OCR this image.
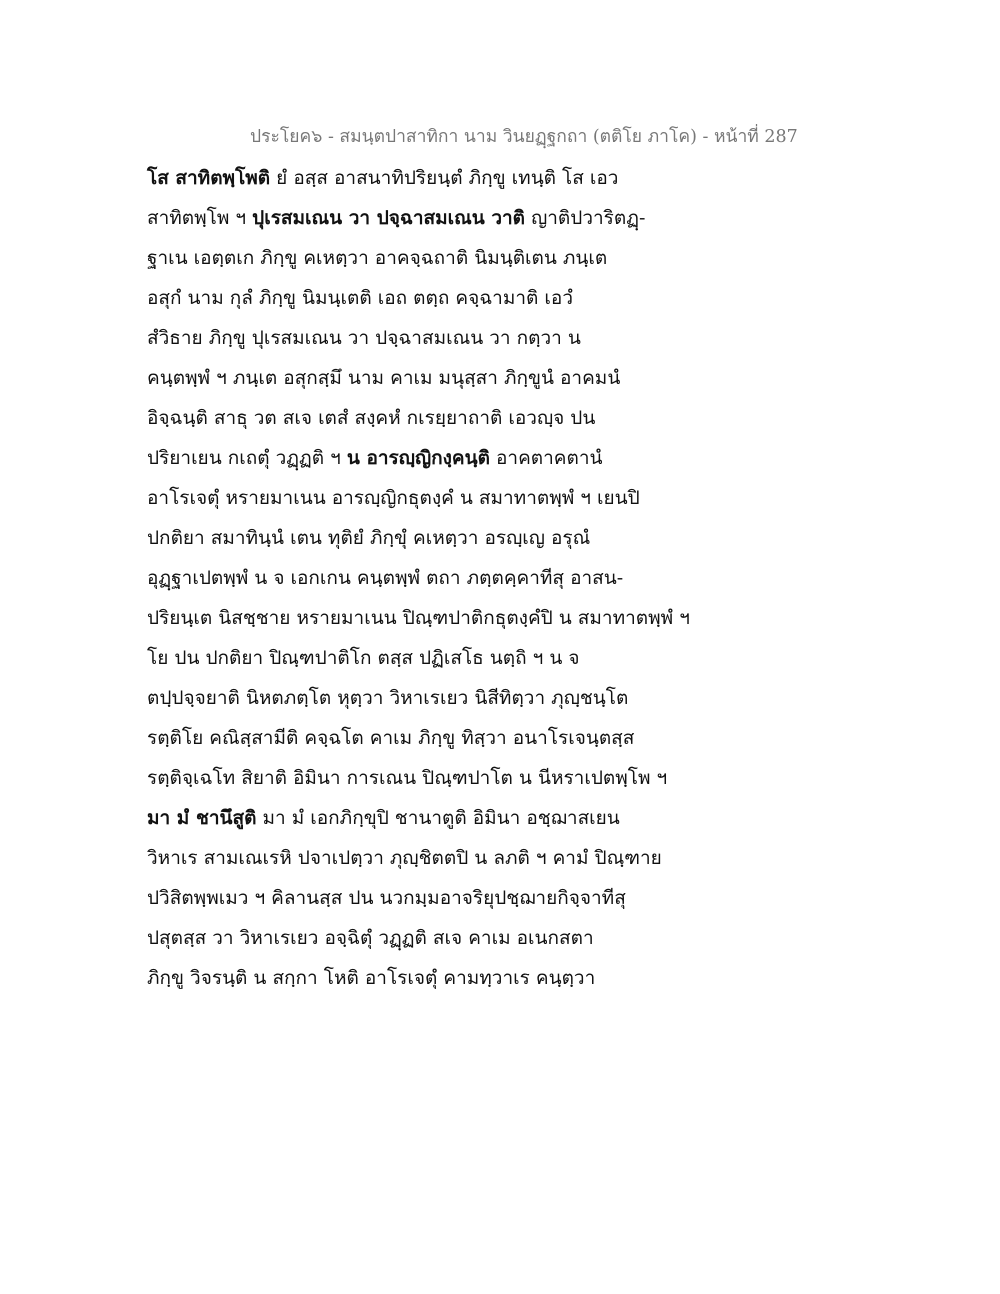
ประโยค๖ - สมนฺตปาสาทิกา นาม วินยฏฺฐกถา (ตติโย ภาโค) - หน้าที่ 287
โส สาทิตพฺโพติ ยํ อสฺส อาสนาทิปริยนฺตํ ภิกฺขู เทนฺติ โส เอว
สาทิตพฺโพ ฯ ปุเรสมเณน วา ปจฺฉาสมเณน วาติ ญาติปวาริตฏฺ-
ฐาเน เอตฺตเก ภิกฺขู คเหตฺวา อาคจฺฉถาติ นิมนฺติเตน ภนฺเต
อสุกํ นาม กุลํ ภิกฺขู นิมนฺเตติ เอถ ตตฺถ คจฺฉามาติ เอวํ
สํวิธาย ภิกฺขู ปุเรสมเณน วา ปจฺฉาสมเณน วา กตฺวา น
คนฺตพฺพํ ฯ ภนฺเต อสุกสฺมึ นาม คาเม มนุสฺสา ภิกฺขูนํ อาคมนํ
อิจฺฉนฺติ สาธุ วต สเจ เตสํ สงฺคหํ กเรยฺยาถาติ เอวญฺจ ปน
ปริยาเยน กเถตุํ วฏฺฏติ ฯ น อารญฺญิกงฺคนฺติ อาคตาคตานํ
อาโรเจตุํ หรายมาเนน อารญฺญิกธุตงฺคํ น สมาทาตพฺพํ ฯ เยนปิ
ปกติยา สมาทินฺนํ เตน ทุติยํ ภิกฺขุํ คเหตฺวา อรญฺเญ อรุณํ
อุฏฺฐาเปตพฺพํ น จ เอกเกน คนฺตพฺพํ ตถา ภตฺตคฺคาทีสุ อาสน-
ปริยนฺเต นิสชฺชาย หรายมาเนน ปิณฺฑปาติกธุตงฺคํปิ น สมาทาตพฺพํ ฯ
โย ปน ปกติยา ปิณฺฑปาติโก ตสฺส ปฏิเสโธ นตฺถิ ฯ น จ
ตปฺปจฺจยาติ นิหตภตฺโต หุตฺวา วิหาเรเยว นิสีทิตฺวา ภุญฺชนฺโต
รตฺติโย คณิสฺสามีติ คจฺฉโต คาเม ภิกฺขู ทิสฺวา อนาโรเจนฺตสฺส
รตฺติจฺเฉโท สิยาติ อิมินา การเณน ปิณฺฑปาโต น นีหราเปตพฺโพ ฯ
มา มํ ชานึสูติ มา มํ เอกภิกฺขุปิ ชานาตูติ อิมินา อชฺฌาสเยน
วิหาเร สามเณเรหิ ปจาเปตฺวา ภุญฺชิตตปิ น ลภติ ฯ คามํ ปิณฺฑาย
ปวิสิตพฺพเมว ฯ คิลานสฺส ปน นวกมฺมอาจริยุปชฺฌายกิจฺจาทีสุ
ปสุตสฺส วา วิหาเรเยว อจฺฉิตุํ วฏฺฏติ สเจ คาเม อเนกสตา
ภิกฺขู วิจรนฺติ น สกฺกา โหติ อาโรเจตุํ คามทฺวาเร คนฺตฺวา
